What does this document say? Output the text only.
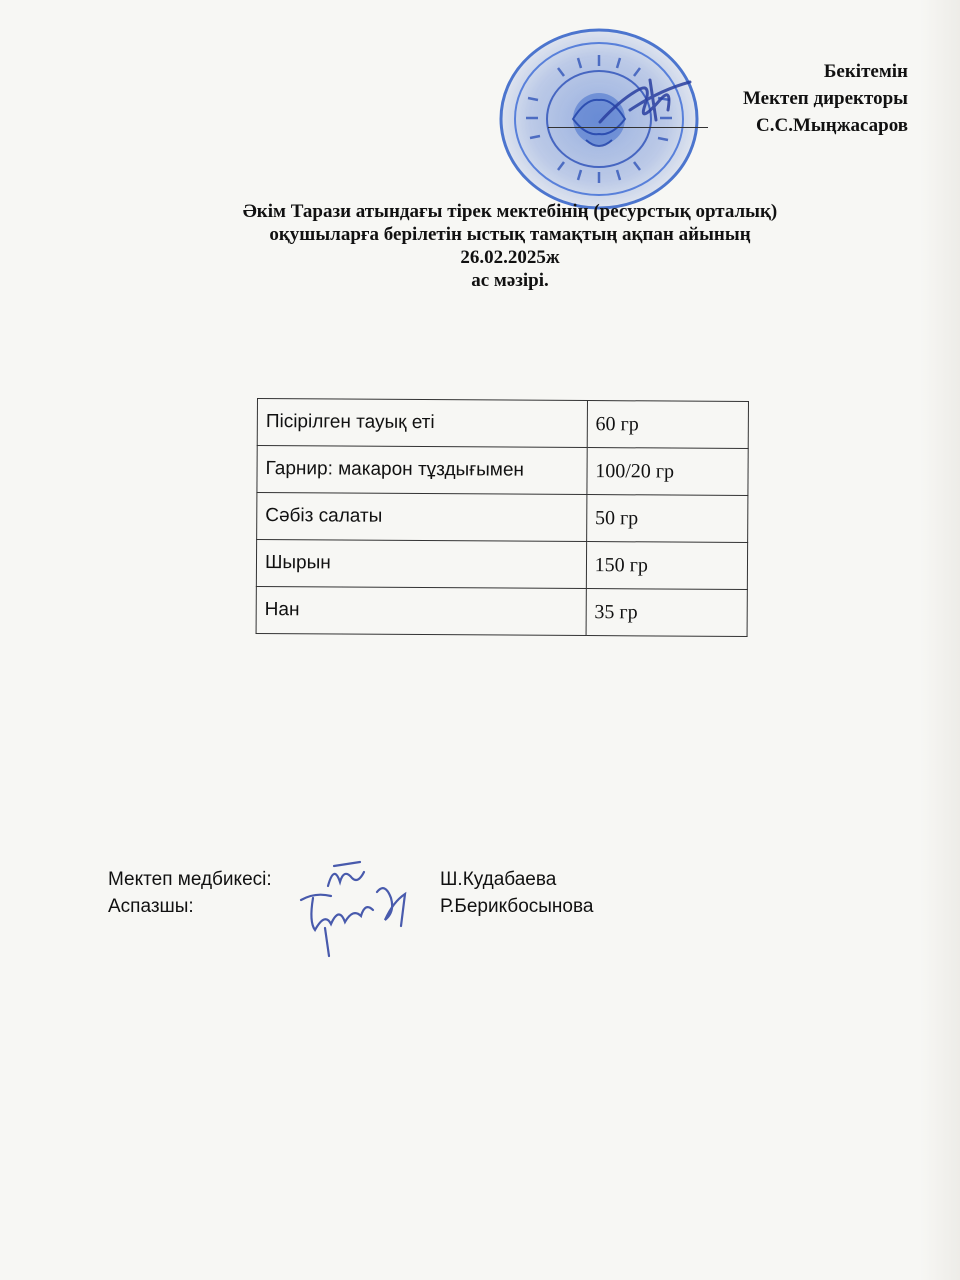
Бекітемін
Мектеп директоры
С.С.Мыңжасаров
Әкім Тарази атындағы тірек мектебінің (ресурстық орталық)
оқушыларға берілетін ыстық тамақтың ақпан айының
26.02.2025ж
ас мәзірі.
Пісірілген тауық еті	60 гр
Гарнир: макарон тұздығымен	100/20 гр
Сәбіз салаты	50 гр
Шырын	150 гр
Нан	35 гр
Мектеп медбикесі:	Ш.Кудабаева
Аспазшы:	Р.Берикбосынова
